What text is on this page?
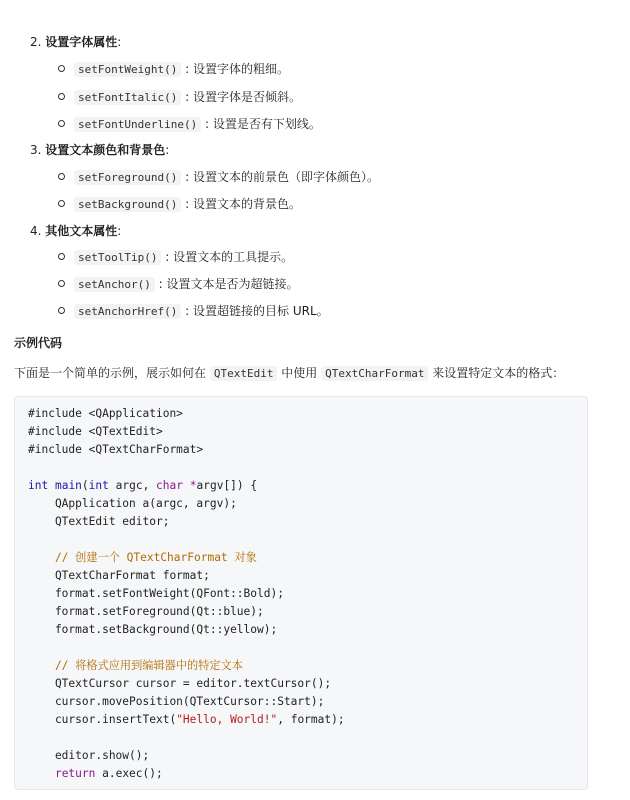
2. 设置字体属性:
setFontWeight() : 设置字体的粗细。
setFontItalic() : 设置字体是否倾斜。
setFontUnderline() : 设置是否有下划线。
3. 设置文本颜色和背景色:
setForeground() : 设置文本的前景色（即字体颜色）。
setBackground() : 设置文本的背景色。
4. 其他文本属性:
setToolTip() : 设置文本的工具提示。
setAnchor() : 设置文本是否为超链接。
setAnchorHref() : 设置超链接的目标 URL。
示例代码
下面是一个简单的示例，展示如何在 QTextEdit 中使用 QTextCharFormat 来设置特定文本的格式：
#include <QApplication>
#include <QTextEdit>
#include <QTextCharFormat>
int main(int argc, char *argv[]) {
QApplication a(argc, argv);
QTextEdit editor;
// 创建一个 QTextCharFormat 对象
QTextCharFormat format;
format.setFontWeight(QFont::Bold);
format.setForeground(Qt::blue);
format.setBackground(Qt::yellow);
// 将格式应用到编辑器中的特定文本
QTextCursor cursor = editor.textCursor();
cursor.movePosition(QTextCursor::Start);
cursor.insertText("Hello, World!", format);
editor.show();
return a.exec();
